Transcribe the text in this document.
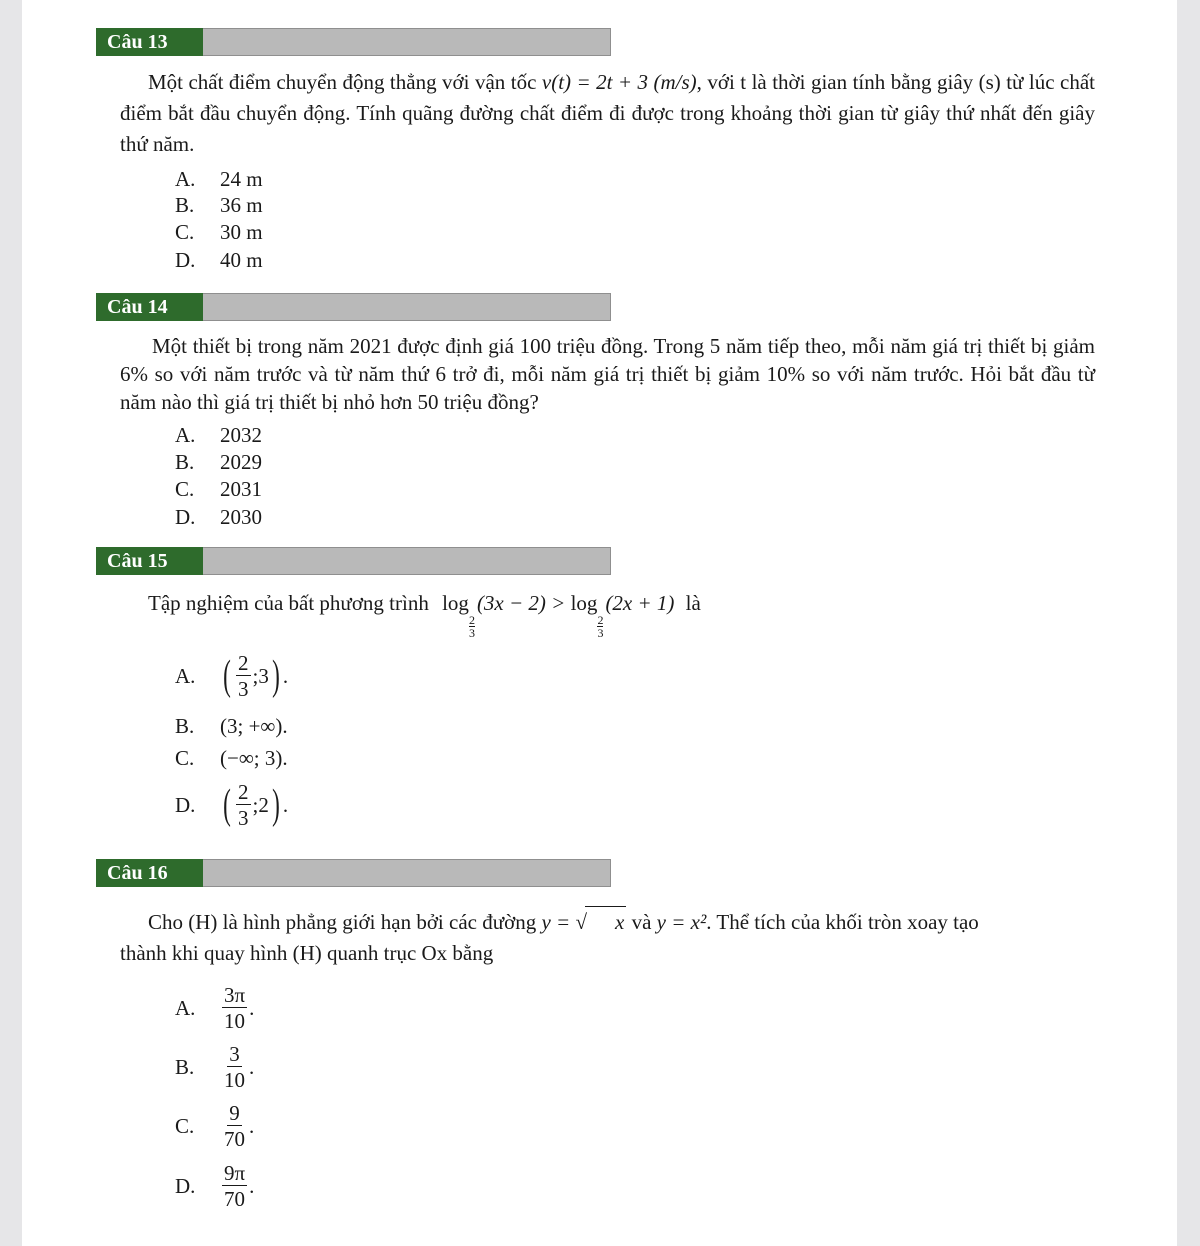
Câu 13
Một chất điểm chuyển động thẳng với vận tốc v(t) = 2t + 3 (m/s), với t là thời gian tính bằng giây (s) từ lúc chất điểm bắt đầu chuyển động. Tính quãng đường chất điểm đi được trong khoảng thời gian từ giây thứ nhất đến giây thứ năm.
A.	24 m
B.	36 m
C.	30 m
D.	40 m
Câu 14
Một thiết bị trong năm 2021 được định giá 100 triệu đồng. Trong 5 năm tiếp theo, mỗi năm giá trị thiết bị giảm 6% so với năm trước và từ năm thứ 6 trở đi, mỗi năm giá trị thiết bị giảm 10% so với năm trước. Hỏi bắt đầu từ năm nào thì giá trị thiết bị nhỏ hơn 50 triệu đồng?
A.	2032
B.	2029
C.	2031
D.	2030
Câu 15
Tập nghiệm của bất phương trình log
$\frac{2}{3}$
(3x − 2) > log
$\frac{2}{3}$
(2x + 1) là
A. ( $\frac{2}{3}$ ;3 ) .
B.	(3; +∞).
C.	(−∞; 3).
D. ( $\frac{2}{3}$ ;2 ) .
Câu 16
Cho (H) là hình phẳng giới hạn bởi các đường y = √ x và y = x². Thể tích của khối tròn xoay tạo
thành khi quay hình (H) quanh trục Ox bằng
A.	$\frac{3\pi}{10}$ .
B.	$\frac{3}{10}$ .
C.	$\frac{9}{70}$ .
D.	$\frac{9\pi}{70}$ .
